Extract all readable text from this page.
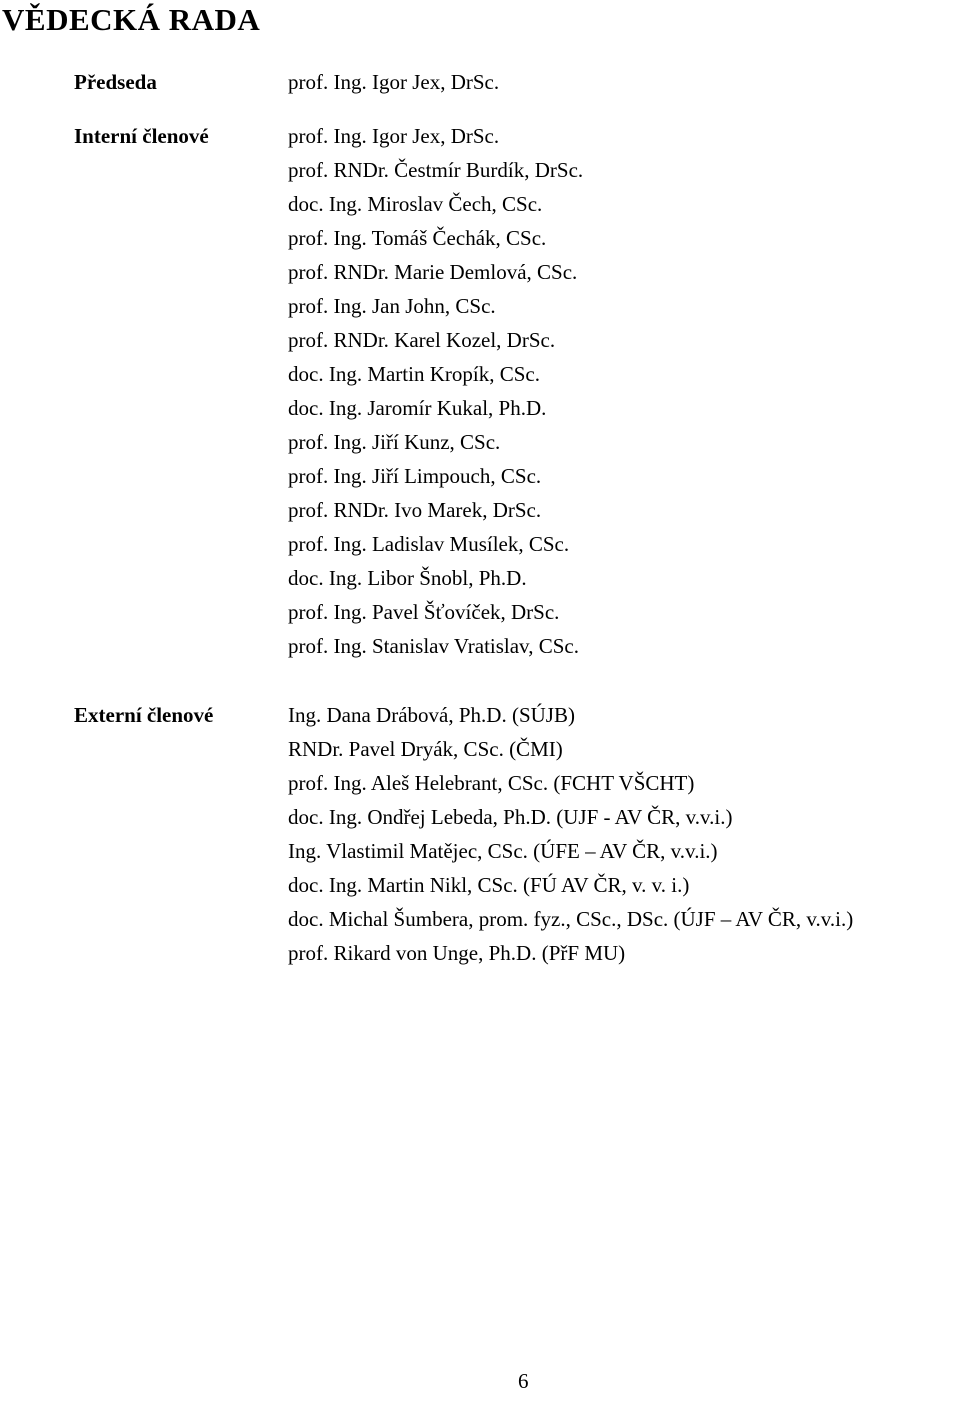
VĚDECKÁ RADA
Předseda	prof. Ing. Igor Jex, DrSc.
Interní členové	prof. Ing. Igor Jex, DrSc.
prof. RNDr. Čestmír Burdík, DrSc.
doc. Ing. Miroslav Čech, CSc.
prof. Ing. Tomáš Čechák, CSc.
prof. RNDr. Marie Demlová, CSc.
prof. Ing. Jan John, CSc.
prof. RNDr. Karel Kozel, DrSc.
doc. Ing. Martin Kropík, CSc.
doc. Ing. Jaromír Kukal, Ph.D.
prof. Ing. Jiří Kunz, CSc.
prof. Ing. Jiří Limpouch, CSc.
prof. RNDr. Ivo Marek, DrSc.
prof. Ing. Ladislav Musílek, CSc.
doc. Ing. Libor Šnobl, Ph.D.
prof. Ing. Pavel Šťovíček, DrSc.
prof. Ing. Stanislav Vratislav, CSc.
Externí členové	Ing. Dana Drábová, Ph.D. (SÚJB)
RNDr. Pavel Dryák, CSc. (ČMI)
prof. Ing. Aleš Helebrant, CSc. (FCHT VŠCHT)
doc. Ing. Ondřej Lebeda, Ph.D. (UJF - AV ČR, v.v.i.)
Ing. Vlastimil Matějec, CSc. (ÚFE – AV ČR, v.v.i.)
doc. Ing. Martin Nikl, CSc. (FÚ AV ČR, v. v. i.)
doc. Michal Šumbera, prom. fyz., CSc., DSc. (ÚJF – AV ČR, v.v.i.)
prof. Rikard von Unge, Ph.D. (PřF MU)
6
